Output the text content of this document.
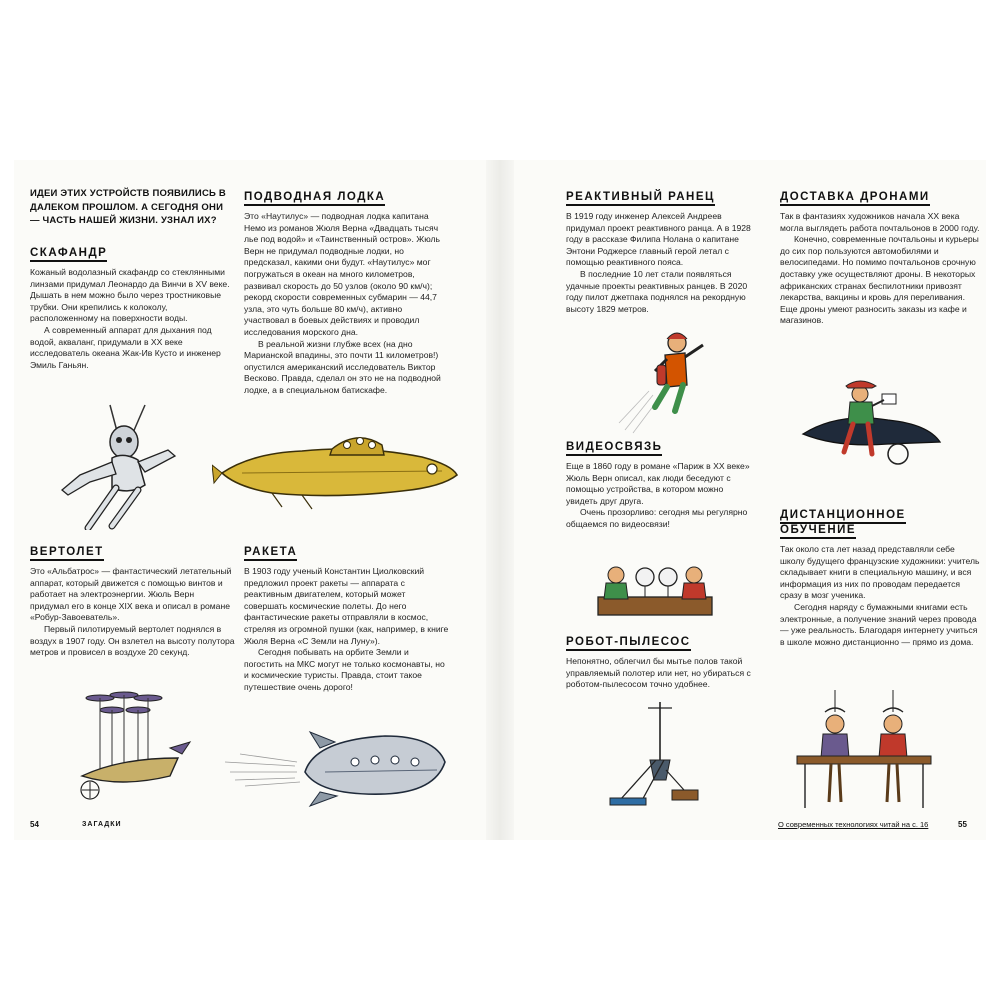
ИДЕИ ЭТИХ УСТРОЙСТВ ПОЯВИЛИСЬ В ДАЛЕКОМ ПРОШЛОМ. А СЕГОДНЯ ОНИ — ЧАСТЬ НАШЕЙ ЖИЗНИ. УЗНАЛ ИХ?

СКАФАНДР

Кожаный водолазный скафандр со стеклянными линзами придумал Леонардо да Винчи в XV веке. Дышать в нем можно было через тростниковые трубки. Они крепились к колоколу, расположенному на поверхности воды.

А современный аппарат для дыхания под водой, акваланг, придумали в XX веке исследователь океана Жак-Ив Кусто и инженер Эмиль Ганьян.

ПОДВОДНАЯ ЛОДКА

Это «Наутилус» — подводная лодка капитана Немо из романов Жюля Верна «Двадцать тысяч лье под водой» и «Таинственный остров». Жюль Верн не придумал подводные лодки, но предсказал, какими они будут. «Наутилус» мог погружаться в океан на много километров, развивал скорость до 50 узлов (около 90 км/ч); рекорд скорости современных субмарин — 44,7 узла, это чуть больше 80 км/ч), активно участвовал в боевых действиях и проводил исследования морского дна.

В реальной жизни глубже всех (на дно Марианской впадины, это почти 11 километров!) опустился американский исследователь Виктор Весково. Правда, сделал он это не на подводной лодке, а в специальном батискафе.

ВЕРТОЛЕТ

Это «Альбатрос» — фантастический летательный аппарат, который движется с помощью винтов и работает на электроэнергии. Жюль Верн придумал его в конце XIX века и описал в романе «Робур-Завоеватель».

Первый пилотируемый вертолет поднялся в воздух в 1907 году. Он взлетел на высоту полутора метров и провисел в воздухе 20 секунд.

РАКЕТА

В 1903 году ученый Константин Циолковский предложил проект ракеты — аппарата с реактивным двигателем, который может совершать космические полеты. До него фантастические ракеты отправляли в космос, стреляя из огромной пушки (как, например, в книге Жюля Верна «С Земли на Луну»).

Сегодня побывать на орбите Земли и погостить на МКС могут не только космонавты, но и космические туристы. Правда, стоит такое путешествие очень дорого!

54	ЗАГАДКИ

РЕАКТИВНЫЙ РАНЕЦ

В 1919 году инженер Алексей Андреев придумал проект реактивного ранца. А в 1928 году в рассказе Филипа Нолана о капитане Энтони Роджерсе главный герой летал с помощью реактивного пояса.

В последние 10 лет стали появляться удачные проекты реактивных ранцев. В 2020 году пилот джетпака поднялся на рекордную высоту 1829 метров.

ВИДЕОСВЯЗЬ

Еще в 1860 году в романе «Париж в XX веке» Жюль Верн описал, как люди беседуют с помощью устройства, в котором можно увидеть друг друга.

Очень прозорливо: сегодня мы регулярно общаемся по видеосвязи!

РОБОТ-ПЫЛЕСОС

Непонятно, облегчил бы мытье полов такой управляемый полотер или нет, но убираться с роботом-пылесосом точно удобнее.

ДОСТАВКА ДРОНАМИ

Так в фантазиях художников начала XX века могла выглядеть работа почтальонов в 2000 году.

Конечно, современные почтальоны и курьеры до сих пор пользуются автомобилями и велосипедами. Но помимо почтальонов срочную доставку уже осуществляют дроны. В некоторых африканских странах беспилотники привозят лекарства, вакцины и кровь для переливания. Еще дроны умеют разносить заказы из кафе и магазинов.

ДИСТАНЦИОННОЕ

ОБУЧЕНИЕ

Так около ста лет назад представляли себе школу будущего французские художники: учитель складывает книги в специальную машину, и вся информация из них по проводам передается сразу в мозг ученика.

Сегодня наряду с бумажными книгами есть электронные, а получение знаний через провода — уже реальность. Благодаря интернету учиться в школе можно дистанционно — прямо из дома.

О современных технологиях читай на с. 16	55
